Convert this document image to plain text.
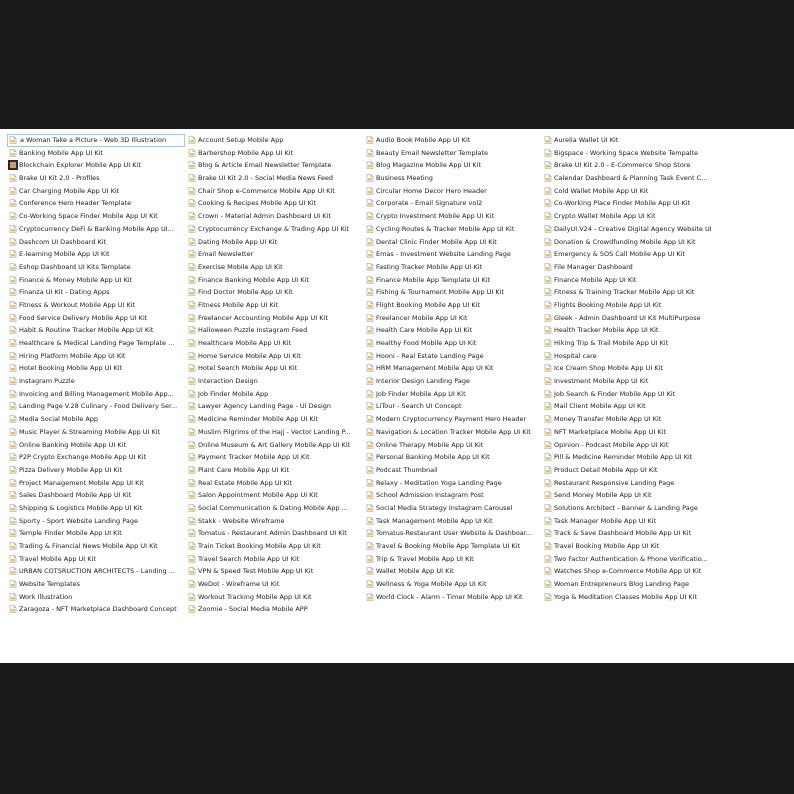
a Woman Take a Picture - Web 3D Illustration
Banking Mobile App UI Kit
Blockchain Explorer Mobile App UI Kit
Brake UI Kit 2.0 - Profiles
Car Charging Mobile App UI Kit
Conference Hero Header Template
Co-Working Space Finder Mobile App UI Kit
Cryptocurrency DeFi & Banking Mobile App UI...
Dashcom UI Dashboard Kit
E-learning Mobile App UI Kit
Eshop Dashboard UI Kits Template
Finance & Money Mobile App UI Kit
Finanza UI Kit - Dating Apps
Fitness & Workout Mobile App UI Kit
Food Service Delivery Mobile App UI Kit
Habit & Routine Tracker Mobile App UI Kit
Healthcare & Medical Landing Page Template ...
Hiring Platform Mobile App UI Kit
Hotel Booking Mobile App UI Kit
Instagram Puzzle
Invoicing and Billing Management Mobile App...
Landing Page V.28 Culinary - Food Delivery Ser...
Media Social Mobile App
Music Player & Streaming Mobile App UI Kit
Online Banking Mobile App UI Kit
P2P Crypto Exchange Mobile App UI Kit
Pizza Delivery Mobile App UI Kit
Project Management Mobile App UI Kit
Sales Dashboard Mobile App UI Kit
Shipping & Logistics Mobile App UI Kit
Sporty - Sport Website Landing Page
Temple Finder Mobile App UI Kit
Trading & Financial News Mobile App UI Kit
Travel Mobile App UI Kit
URBAN COTSRUCTION ARCHITECTS - Landing ...
Website Templates
Work Illustration
Zaragoza - NFT Marketplace Dashboard Concept
Account Setup Mobile App
Barbershop Mobile App UI Kit
Blog & Article Email Newsletter Template
Brake UI Kit 2.0 - Social Media News Feed
Chair Shop e-Commerce Mobile App UI Kit
Cooking & Recipes Mobile App UI Kit
Crown - Material Admin Dashboard UI Kit
Cryptocurrency Exchange & Trading App UI Kit
Dating Mobile App UI Kit
Email Newsletter
Exercise Mobile App UI Kit
Finance Banking Mobile App UI Kit
Find Doctor Mobile App UI Kit
Fitness Mobile App UI Kit
Freelancer Accounting Mobile App UI Kit
Halloween Puzzle Instagram Feed
Healthcare Mobile App UI Kit
Home Service Mobile App UI Kit
Hotel Search Mobile App UI Kit
Interaction Design
Job Finder Mobile App
Lawyer Agency Landing Page - UI Design
Medicine Reminder Mobile App UI Kit
Muslim Pilgrims of the Hajj - Vector Landing P...
Online Museum & Art Gallery Mobile App UI Kit
Payment Tracker Mobile App UI Kit
Plant Care Mobile App UI Kit
Real Estate Mobile App UI Kit
Salon Appointment Mobile App UI Kit
Social Communication & Dating Mobile App ...
Stakk - Website Wireframe
Tomatus - Restaurant Admin Dashboard UI Kit
Train Ticket Booking Mobile App UI Kit
Travel Search Mobile App UI Kit
VPN & Speed Test Mobile App UI Kit
WeDot - Wireframe UI Kit
Workout Tracking Mobile App UI Kit
Zoomie - Social Media Mobile APP
Audio Book Mobile App UI Kit
Beauty Email Newsletter Template
Blog Magazine Mobile App UI Kit
Business Meeting
Circular Home Decor Hero Header
Corporate - Email Signature vol2
Crypto Investment Mobile App UI Kit
Cycling Routes & Tracker Mobile App UI Kit
Dental Clinic Finder Mobile App UI Kit
Emas - Investment Website Landing Page
Fasting Tracker Mobile App UI Kit
Finance Mobile App Template UI Kit
Fishing & Tournament Mobile App UI Kit
Flight Booking Mobile App UI Kit
Freelancer Mobile App UI Kit
Health Care Mobile App UI Kit
Healthy Food Mobile App UI Kit
Hooni - Real Estate Landing Page
HRM Management Mobile App UI Kit
Interior Design Landing Page
Job Finder Mobile App UI Kit
LiTour - Search UI Concept
Modern Cryptocurrency Payment Hero Header
Navigation & Location Tracker Mobile App UI Kit
Online Therapy Mobile App UI Kit
Personal Banking Mobile App UI Kit
Podcast Thumbnail
Relaxy - Meditation Yoga Landing Page
School Admission Instagram Post
Social Media Strategy Instagram Carousel
Task Management Mobile App UI Kit
Tomatus-Restaurant User Website & Dashboar...
Travel & Booking Mobile App Template UI Kit
Trip & Travel Mobile App UI Kit
Wallet Mobile App UI Kit
Wellness & Yoga Mobile App UI Kit
World Clock - Alarm - Timer Mobile App UI Kit
Aurelia Wallet UI Kit
Bigspace - Working Space Website Tempalte
Brake UI Kit 2.0 - E-Commerce Shop Store
Calendar Dashboard & Planning Task Event C...
Cold Wallet Mobile App UI Kit
Co-Working Place Finder Mobile App UI Kit
Crypto Wallet Mobile App UI Kit
DailyUI.V24 - Creative Digital Agency Website UI
Donation & Crowdfunding Mobile App UI Kit
Emergency & SOS Call Mobile App UI Kit
File Manager Dashboard
Finance Mobile App UI Kit
Fitness & Training Tracker Mobile App UI Kit
Flights Booking Mobile App UI Kit
Gleek - Admin Dashboard UI Kit MultiPurpose
Health Tracker Mobile App UI Kit
Hiking Trip & Trail Mobile App UI Kit
Hospital care
Ice Cream Shop Mobile App UI Kit
Investment Mobile App UI Kit
Job Search & Finder Mobile App UI Kit
Mail Client Mobile App UI Kit
Money Transfer Mobile App UI Kit
NFT Marketplace Mobile App UI Kit
Opinion - Podcast Mobile App UI Kit
Pill & Medicine Reminder Mobile App UI Kit
Product Detail Mobile App UI Kit
Restaurant Responsive Landing Page
Send Money Mobile App UI Kit
Solutions Architect - Banner & Landing Page
Task Manager Mobile App UI Kit
Track & Save Dashboard Mobile App UI Kit
Travel Booking Mobile App UI Kit
Two Factor Authentication & Phone Verificatio...
Watches Shop e-Commerce Mobile App UI Kit
Woman Entrepreneurs Blog Landing Page
Yoga & Meditation Classes Mobile App UI Kit
